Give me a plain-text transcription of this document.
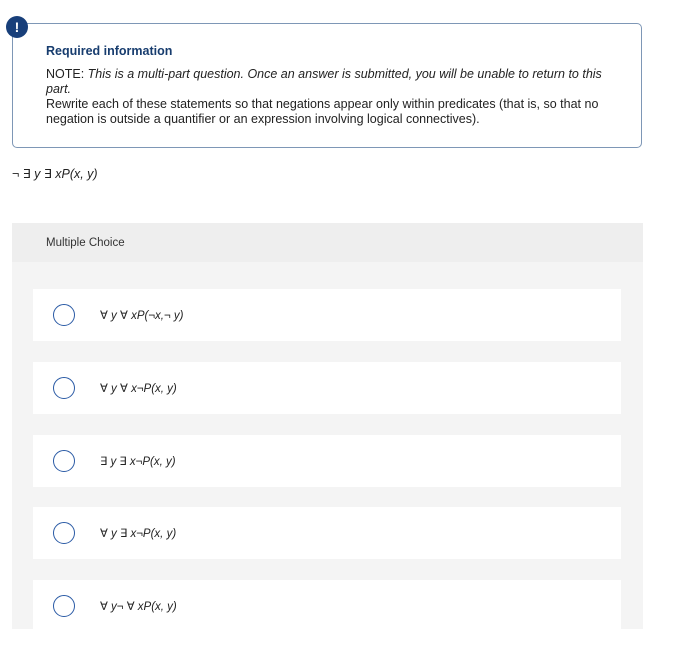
!
Required information
NOTE: This is a multi-part question. Once an answer is submitted, you will be unable to return to this part.
Rewrite each of these statements so that negations appear only within predicates (that is, so that no negation is outside a quantifier or an expression involving logical connectives).
¬ ∃ y ∃ xP(x, y)
Multiple Choice
∀ y ∀ xP(¬x,¬ y)
∀ y ∀ x¬P(x, y)
∃ y ∃ x¬P(x, y)
∀ y ∃ x¬P(x, y)
∀ y¬ ∀ xP(x, y)
